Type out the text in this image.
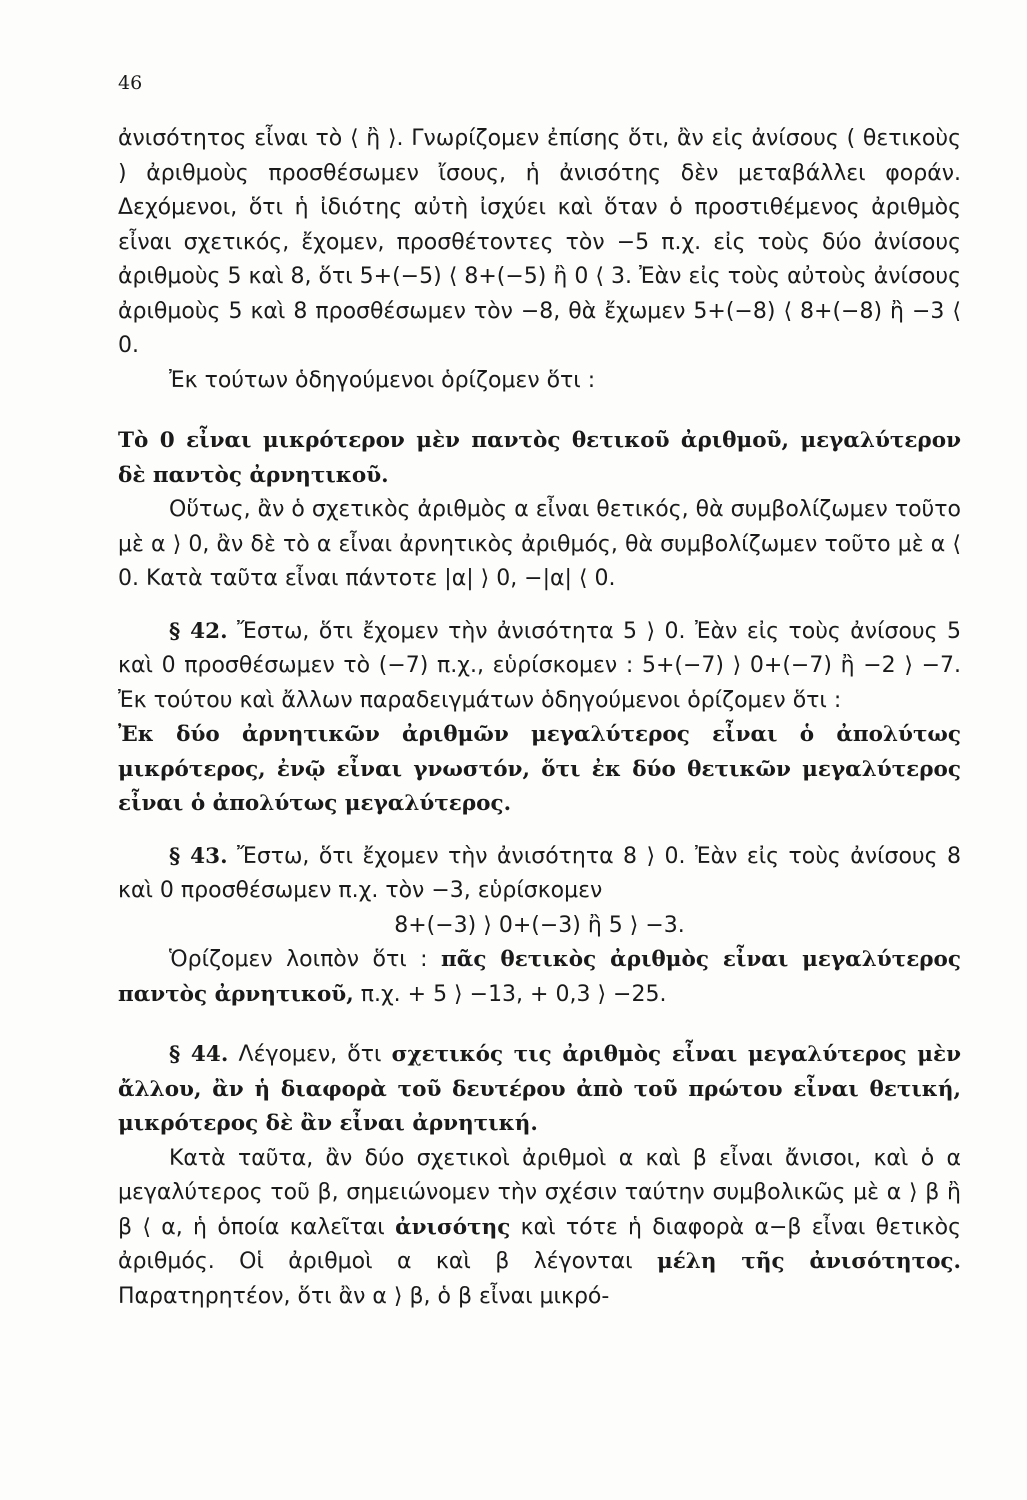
46

ἀνισότητος εἶναι τὸ ⟨ ἢ ⟩. Γνωρίζομεν ἐπίσης ὅτι, ἂν εἰς ἀνίσους ( θετικοὺς ) ἀριθμοὺς προσθέσωμεν ἴσους, ἡ ἀνισότης δὲν μεταβάλλει φοράν. Δεχόμενοι, ὅτι ἡ ἰδιότης αὐτὴ ἰσχύει καὶ ὅταν ὁ προστιθέμενος ἀριθμὸς εἶναι σχετικός, ἔχομεν, προσθέτοντες τὸν −5 π.χ. εἰς τοὺς δύο ἀνίσους ἀριθμοὺς 5 καὶ 8, ὅτι 5+(−5) ⟨ 8+(−5) ἢ 0 ⟨ 3. Ἐὰν εἰς τοὺς αὐτοὺς ἀνίσους ἀριθμοὺς 5 καὶ 8 προσθέσωμεν τὸν −8, θὰ ἔχωμεν 5+(−8) ⟨ 8+(−8) ἢ −3 ⟨ 0.

Ἐκ τούτων ὁδηγούμενοι ὁρίζομεν ὅτι :

Τὸ 0 εἶναι μικρότερον μὲν παντὸς θετικοῦ ἀριθμοῦ, μεγαλύτερον δὲ παντὸς ἀρνητικοῦ.

Οὕτως, ἂν ὁ σχετικὸς ἀριθμὸς α εἶναι θετικός, θὰ συμβολίζωμεν τοῦτο μὲ α ⟩ 0, ἂν δὲ τὸ α εἶναι ἀρνητικὸς ἀριθμός, θὰ συμβολίζωμεν τοῦτο μὲ α ⟨ 0. Κατὰ ταῦτα εἶναι πάντοτε |α| ⟩ 0, −|α| ⟨ 0.

§ 42. Ἔστω, ὅτι ἔχομεν τὴν ἀνισότητα 5 ⟩ 0. Ἐὰν εἰς τοὺς ἀνίσους 5 καὶ 0 προσθέσωμεν τὸ (−7) π.χ., εὑρίσκομεν : 5+(−7) ⟩ 0+(−7) ἢ −2 ⟩ −7. Ἐκ τούτου καὶ ἄλλων παραδειγμάτων ὁδηγούμενοι ὁρίζομεν ὅτι :

Ἐκ δύο ἀρνητικῶν ἀριθμῶν μεγαλύτερος εἶναι ὁ ἀπολύτως μικρότερος, ἐνῷ εἶναι γνωστόν, ὅτι ἐκ δύο θετικῶν μεγαλύτερος εἶναι ὁ ἀπολύτως μεγαλύτερος.

§ 43. Ἔστω, ὅτι ἔχομεν τὴν ἀνισότητα 8 ⟩ 0. Ἐὰν εἰς τοὺς ἀνίσους 8 καὶ 0 προσθέσωμεν π.χ. τὸν −3, εὑρίσκομεν

8+(−3) ⟩ 0+(−3) ἢ 5 ⟩ −3.

Ὁρίζομεν λοιπὸν ὅτι : πᾶς θετικὸς ἀριθμὸς εἶναι μεγαλύτερος παντὸς ἀρνητικοῦ, π.χ. + 5 ⟩ −13, + 0,3 ⟩ −25.

§ 44. Λέγομεν, ὅτι σχετικός τις ἀριθμὸς εἶναι μεγαλύτερος μὲν ἄλλου, ἂν ἡ διαφορὰ τοῦ δευτέρου ἀπὸ τοῦ πρώτου εἶναι θετική, μικρότερος δὲ ἂν εἶναι ἀρνητική.

Κατὰ ταῦτα, ἂν δύο σχετικοὶ ἀριθμοὶ α καὶ β εἶναι ἄνισοι, καὶ ὁ α μεγαλύτερος τοῦ β, σημειώνομεν τὴν σχέσιν ταύτην συμβολικῶς μὲ α ⟩ β ἢ β ⟨ α, ἡ ὁποία καλεῖται ἀνισότης καὶ τότε ἡ διαφορὰ α−β εἶναι θετικὸς ἀριθμός. Οἱ ἀριθμοὶ α καὶ β λέγονται μέλη τῆς ἀνισότητος. Παρατηρητέον, ὅτι ἂν α ⟩ β, ὁ β εἶναι μικρό-
